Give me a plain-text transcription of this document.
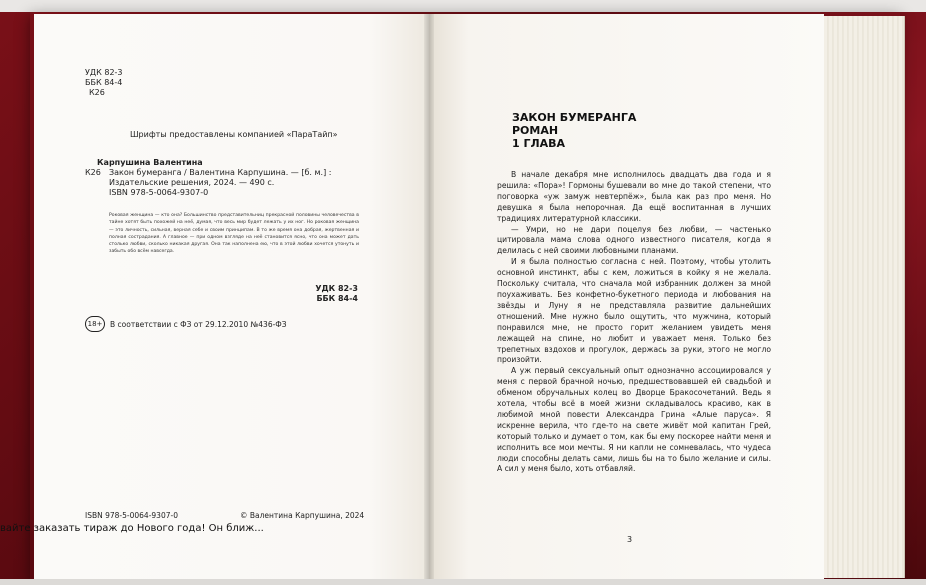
УДК 82-3
ББК 84-4
К26
Шрифты предоставлены компанией «ПараТайп»
Карпушина Валентина
К26 Закон бумеранга / Валентина Карпушина. — [б. м.] :
Издательские решения, 2024. — 490 с.
ISBN 978-5-0064-9307-0
Роковая женщина — кто она? Большинство представительниц прекрасной половины человечества в тайне хотят быть похожей на неё, думая, что весь мир будет лежать у их ног. Но роковая женщина — это личность, сильная, верная себе и своим принципам. В то же время она добрая, жертвенная и полная сострадания. А главное — при одном взгляде на неё становится ясно, что она может дать столько любви, сколько никакая другая. Она так наполнена ею, что в этой любви хочется утонуть и забыть обо всём навсегда.
УДК 82-3
ББК 84-4
18+	В соответствии с ФЗ от 29.12.2010 №436-ФЗ
ISBN 978-5-0064-9307-0	© Валентина Карпушина, 2024
ЗАКОН БУМЕРАНГА
РОМАН
1 ГЛАВА

В начале декабря мне исполнилось двадцать два года и я решила: «Пора»! Гормоны бушевали во мне до такой степени, что поговорка «уж замуж невтерпёж», была как раз про меня. Но девушка я была непорочная. Да ещё воспитанная в лучших традициях литературной классики.

— Умри, но не дари поцелуя без любви, — частенько цитировала мама слова одного известного писателя, когда я делилась с ней своими любовными планами.

И я была полностью согласна с ней. Поэтому, чтобы утолить основной инстинкт, абы с кем, ложиться в койку я не желала. Поскольку считала, что сначала мой избранник должен за мной поухаживать. Без конфетно-букетного периода и любования на звёзды и Луну я не представляла развитие дальнейших отношений. Мне нужно было ощутить, что мужчина, который понравился мне, не просто горит желанием увидеть меня лежащей на спине, но любит и уважает меня. Только без трепетных вздохов и прогулок, держась за руки, этого не могло произойти.

А уж первый сексуальный опыт однозначно ассоциировался у меня с первой брачной ночью, предшествовавшей ей свадьбой и обменом обручальных колец во Дворце Бракосочетаний. Ведь я хотела, чтобы всё в моей жизни складывалось красиво, как в любимой мной повести Александра Грина «Алые паруса». Я искренне верила, что где-то на свете живёт мой капитан Грей, который только и думает о том, как бы ему поскорее найти меня и исполнить все мои мечты. Я ни капли не сомневалась, что чудеса люди способны делать сами, лишь бы на то было желание и силы. А сил у меня было, хоть отбавляй.

3
вайте заказать тираж до Нового года! Он ближ...
